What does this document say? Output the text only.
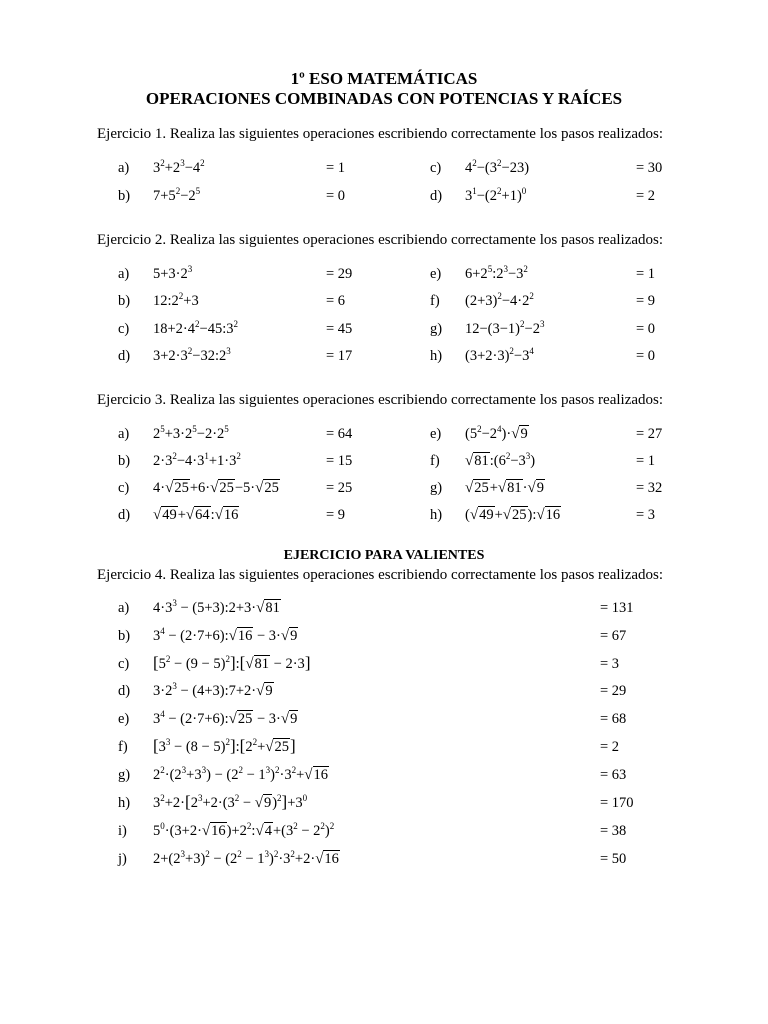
1º ESO MATEMÁTICAS
OPERACIONES COMBINADAS CON POTENCIAS Y RAÍCES
Ejercicio 1. Realiza las siguientes operaciones escribiendo correctamente los pasos realizados:
a)	$3^2+2^3-4^2$	= 1
b)	$7+5^2-2^5$	= 0
c)	$4^2-(3^2-23)$	= 30
d)	$3^1-(2^2+1)^0$	= 2
Ejercicio 2. Realiza las siguientes operaciones escribiendo correctamente los pasos realizados:
a)	$5+3\cdot 2^3$	= 29
b)	$12:2^2+3$	= 6
c)	$18+2\cdot 4^2-45:3^2$	= 45
d)	$3+2\cdot 3^2-32:2^3$	= 17
e)	$6+2^5:2^3-3^2$	= 1
f)	$(2+3)^2-4\cdot 2^2$	= 9
g)	$12-(3-1)^2-2^3$	= 0
h)	$(3+2\cdot 3)^2-3^4$	= 0
Ejercicio 3. Realiza las siguientes operaciones escribiendo correctamente los pasos realizados:
a)	$2^5+3\cdot 2^5-2\cdot 2^5$	= 64
b)	$2\cdot 3^2-4\cdot 3^1+1\cdot 3^2$	= 15
c)	4·√25+6·√25−5·√25	= 25
d)	√49+√64:√16	= 9
e)	$(5^2-2^4)\cdot√9$	= 27
f)	$√81:(6^2-3^3)$	= 1
g)	√25+√81·√9	= 32
h)	(√49+√25):√16	= 3
EJERCICIO PARA VALIENTES
Ejercicio 4. Realiza las siguientes operaciones escribiendo correctamente los pasos realizados:
a)	$4\cdot 3^3$ − (5+3):2+3·√81	= 131
b)	$3^4$ − (2·7+6):√16 − 3·√9	= 67
c)	[$5^2 - (9$ − $5)^2]:[√81 - 2\cdot 3]$	= 3
d)	$3\cdot 2^3$ − (4+3):7+2·√9	= 29
e)	$3^4$ − (2·7+6):√25 − 3·√9	= 68
f)	[$3^3 - (8$ − $5)^2]:[2^2+√25]$	= 2
g)	$2^2\cdot(2^3+3^3) - (2^2 - 1^3)^2\cdot 3^2+√16$	= 63
h)	$3^2+2\cdot[2^3+2\cdot(3^2 - √9)^2]+3^0$	= 170
i)	$5^0\cdot(3+2\cdot√16)+2^2:√4+(3^2 - 2^2)^2$	= 38
j)	$2+(2^3+3)^2 - (2^2 - 1^3)^2\cdot 3^2+2\cdot√16$	= 50
